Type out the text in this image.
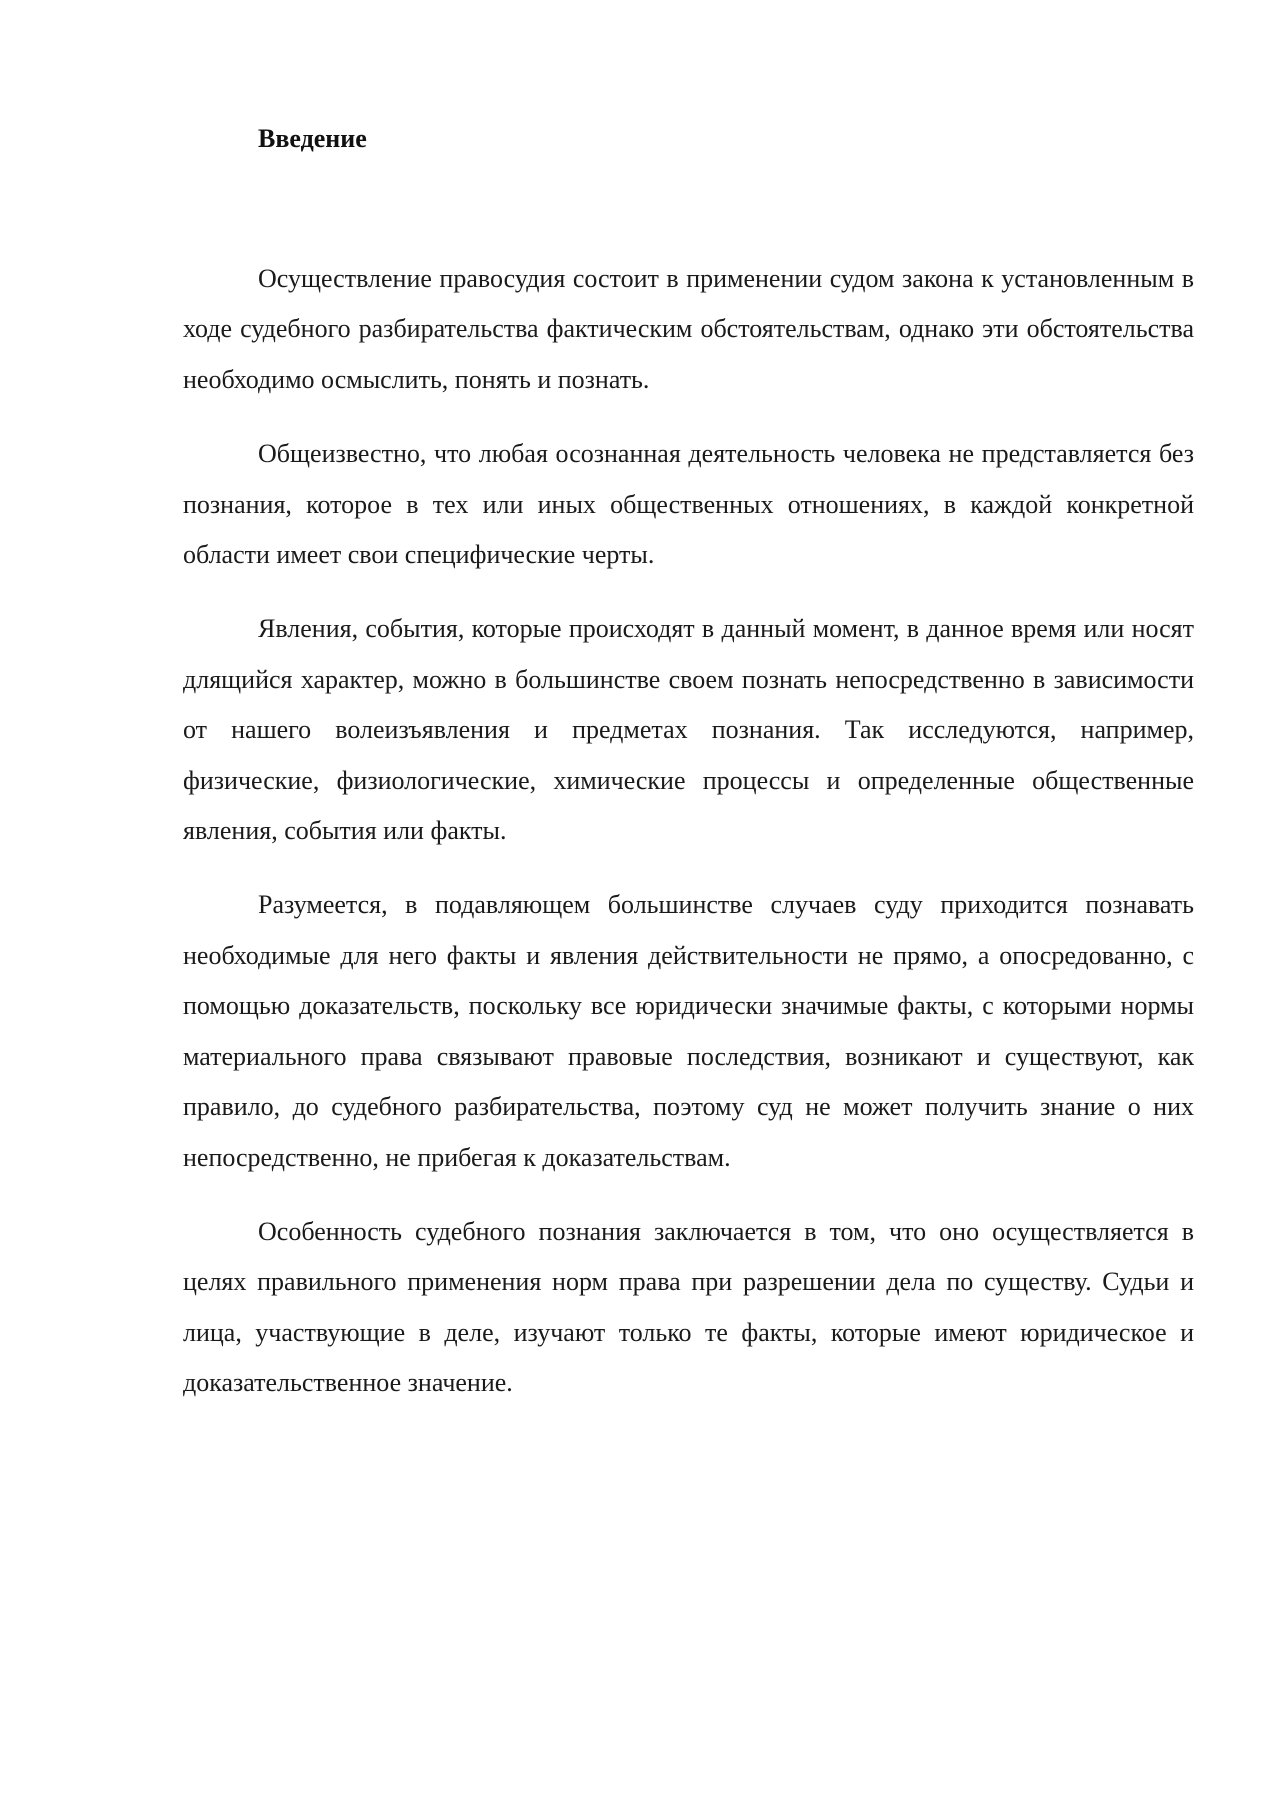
Введение

Осуществление правосудия состоит в применении судом закона к установленным в ходе судебного разбирательства фактическим обстоятельствам, однако эти обстоятельства необходимо осмыслить, понять и познать.

Общеизвестно, что любая осознанная деятельность человека не представляется без познания, которое в тех или иных общественных отношениях, в каждой конкретной области имеет свои специфические черты.

Явления, события, которые происходят в данный момент, в данное время или носят длящийся характер, можно в большинстве своем познать непосредственно в зависимости от нашего волеизъявления и предметах познания. Так исследуются, например, физические, физиологические, химические процессы и определенные общественные явления, события или факты.

Разумеется, в подавляющем большинстве случаев суду приходится познавать необходимые для него факты и явления действительности не прямо, а опосредованно, с помощью доказательств, поскольку все юридически значимые факты, с которыми нормы материального права связывают правовые последствия, возникают и существуют, как правило, до судебного разбирательства, поэтому суд не может получить знание о них непосредственно, не прибегая к доказательствам.

Особенность судебного познания заключается в том, что оно осуществляется в целях правильного применения норм права при разрешении дела по существу. Судьи и лица, участвующие в деле, изучают только те факты, которые имеют юридическое и доказательственное значение.
